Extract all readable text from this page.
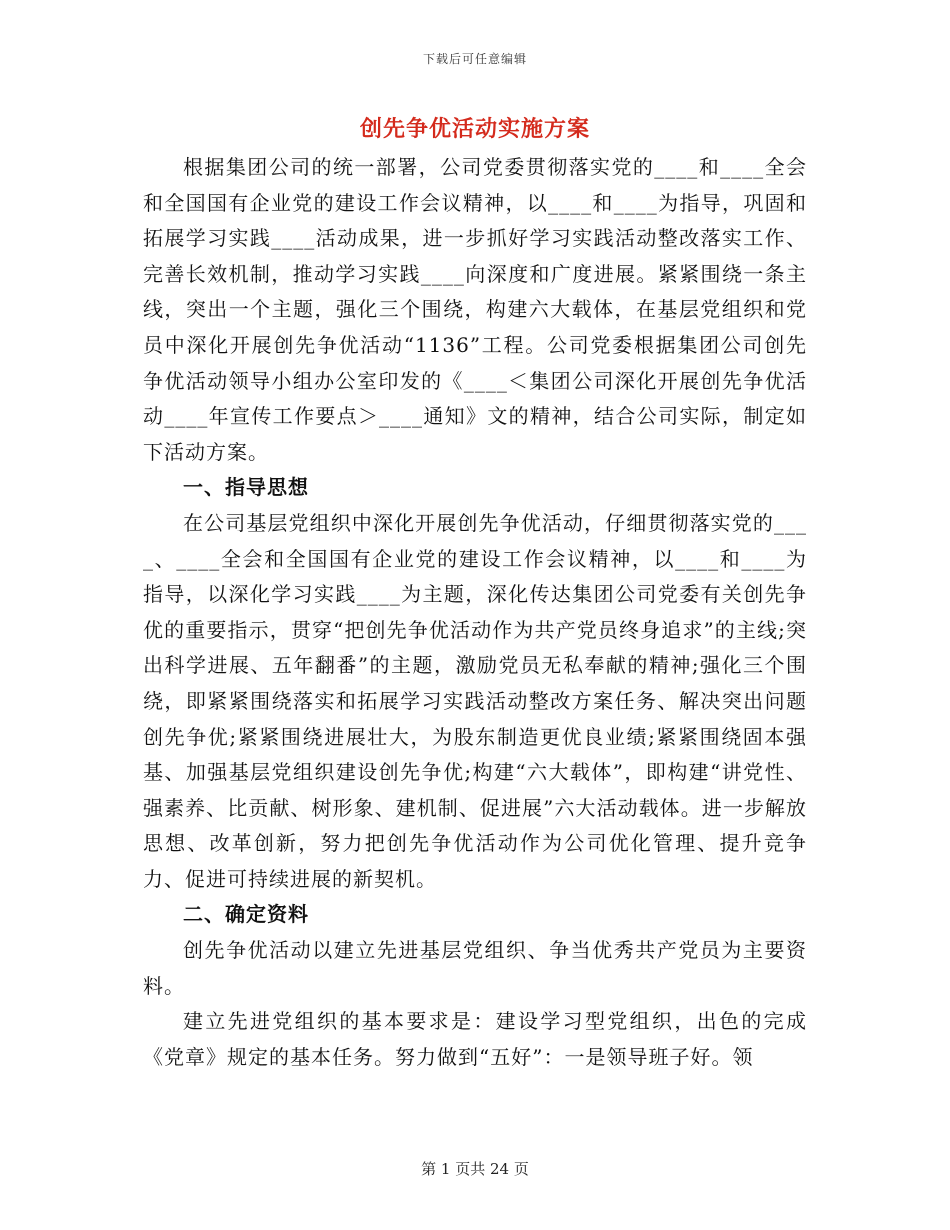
下载后可任意编辑
创先争优活动实施方案

根据集团公司的统一部署，公司党委贯彻落实党的____和____全会和全国国有企业党的建设工作会议精神，以____和____为指导，巩固和拓展学习实践____活动成果，进一步抓好学习实践活动整改落实工作、完善长效机制，推动学习实践____向深度和广度进展。紧紧围绕一条主线，突出一个主题，强化三个围绕，构建六大载体，在基层党组织和党员中深化开展创先争优活动“1136”工程。公司党委根据集团公司创先争优活动领导小组办公室印发的《____＜集团公司深化开展创先争优活动____年宣传工作要点＞____通知》文的精神，结合公司实际，制定如下活动方案。

一、指导思想

在公司基层党组织中深化开展创先争优活动，仔细贯彻落实党的____、____全会和全国国有企业党的建设工作会议精神，以____和____为指导，以深化学习实践____为主题，深化传达集团公司党委有关创先争优的重要指示，贯穿“把创先争优活动作为共产党员终身追求”的主线;突出科学进展、五年翻番”的主题，激励党员无私奉献的精神;强化三个围绕，即紧紧围绕落实和拓展学习实践活动整改方案任务、解决突出问题创先争优;紧紧围绕进展壮大，为股东制造更优良业绩;紧紧围绕固本强基、加强基层党组织建设创先争优;构建“六大载体”，即构建“讲党性、强素养、比贡献、树形象、建机制、促进展”六大活动载体。进一步解放思想、改革创新，努力把创先争优活动作为公司优化管理、提升竞争力、促进可持续进展的新契机。

二、确定资料

创先争优活动以建立先进基层党组织、争当优秀共产党员为主要资料。

建立先进党组织的基本要求是：建设学习型党组织，出色的完成《党章》规定的基本任务。努力做到“五好”：一是领导班子好。领

第 1 页共 24 页
